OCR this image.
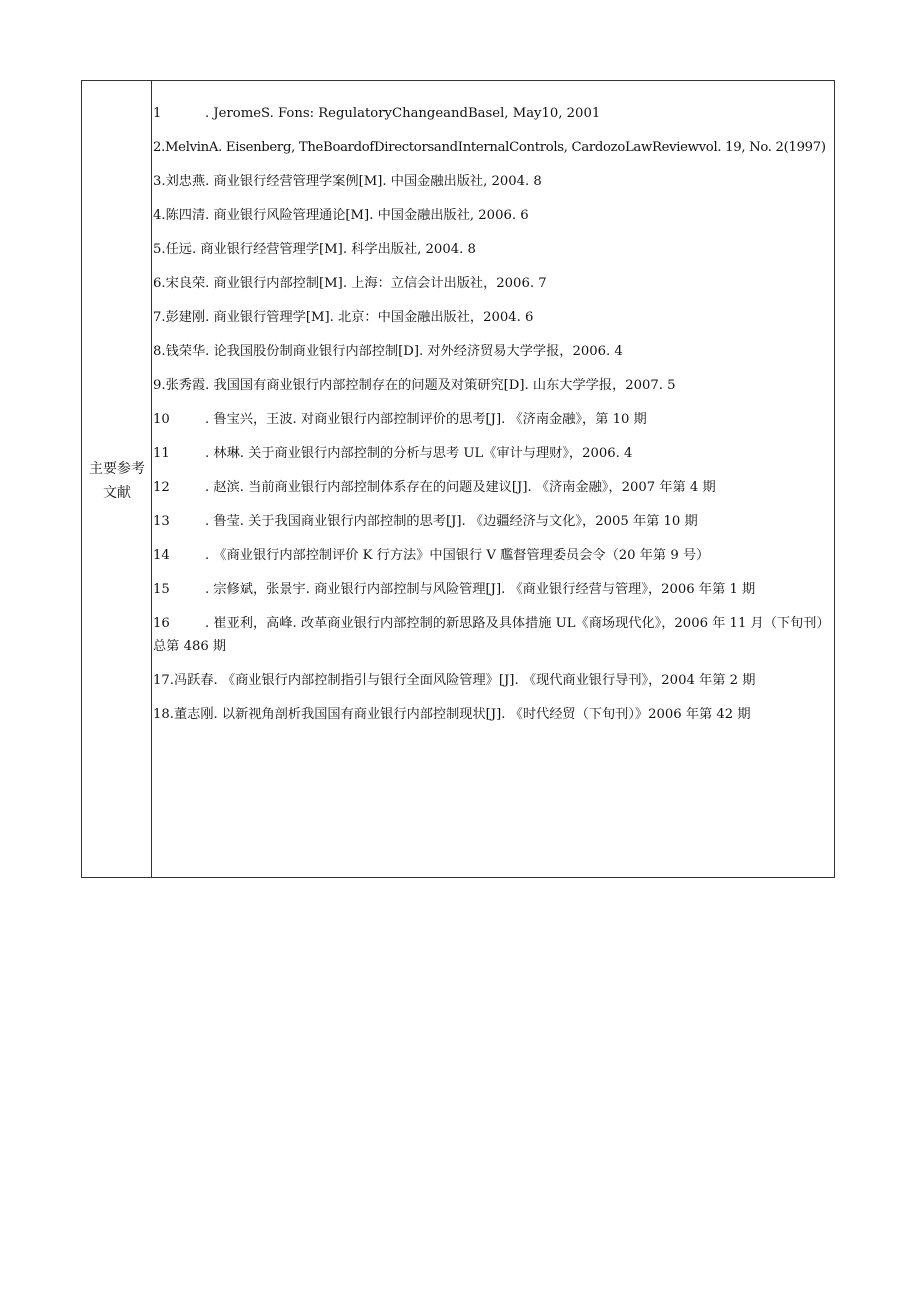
主要参考
文献
1	. JeromeS. Fons: RegulatoryChangeandBasel, May10, 2001
2.MelvinA. Eisenberg, TheBoardofDirectorsandInternalControls, CardozoLawReviewvol. 19, No. 2(1997)
3.刘忠燕. 商业银行经营管理学案例[M]. 中国金融出版社, 2004. 8
4.陈四清. 商业银行风险管理通论[M]. 中国金融出版社, 2006. 6
5.任远. 商业银行经营管理学[M]. 科学出版社, 2004. 8
6.宋良荣. 商业银行内部控制[M]. 上海：立信会计出版社，2006. 7
7.彭建刚. 商业银行管理学[M]. 北京：中国金融出版社，2004. 6
8.钱荣华. 论我国股份制商业银行内部控制[D]. 对外经济贸易大学学报，2006. 4
9.张秀霞. 我国国有商业银行内部控制存在的问题及对策研究[D]. 山东大学学报，2007. 5
10	. 鲁宝兴，王波. 对商业银行内部控制评价的思考[J]. 《济南金融》，第 10 期
11	. 林琳. 关于商业银行内部控制的分析与思考 UL《审计与理财》，2006. 4
12	. 赵滨. 当前商业银行内部控制体系存在的问题及建议[J]. 《济南金融》，2007 年第 4 期
13	. 鲁莹. 关于我国商业银行内部控制的思考[J]. 《边疆经济与文化》，2005 年第 10 期
14	. 《商业银行内部控制评价 K 行方法》中国银行 V 尶督管理委员会令（20 年第 9 号）
15	. 宗修斌，张景宇. 商业银行内部控制与风险管理[J]. 《商业银行经营与管理》，2006 年第 1 期
16	. 崔亚利，高峰. 改革商业银行内部控制的新思路及具体措施 UL《商场现代化》，2006 年 11 月（下旬刊）总第 486 期
17.冯跃春. 《商业银行内部控制指引与银行全面风险管理》[J]. 《现代商业银行导刊》，2004 年第 2 期
18.董志刚. 以新视角剖析我国国有商业银行内部控制现状[J]. 《时代经贸（下旬刊）》2006 年第 42 期
